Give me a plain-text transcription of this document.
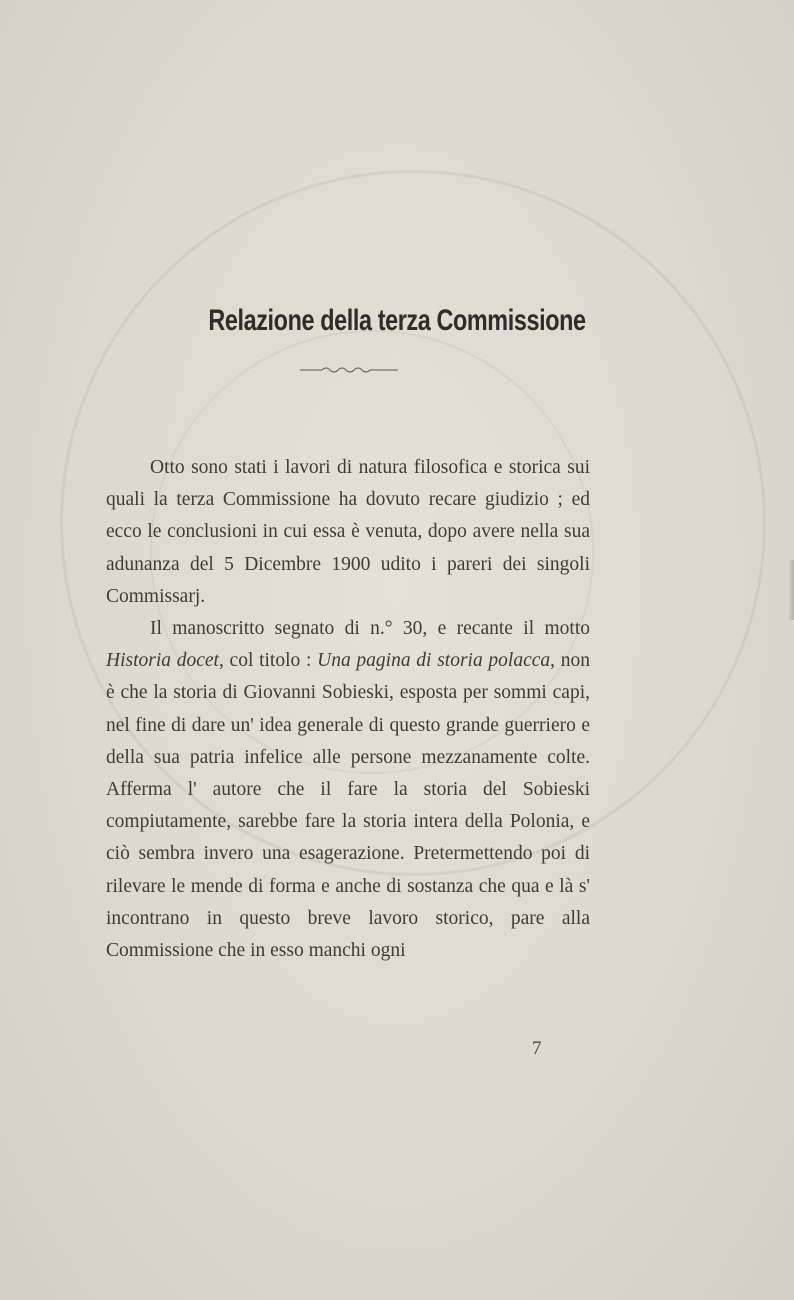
Relazione della terza Commissione

Otto sono stati i lavori di natura filosofica e storica sui quali la terza Commissione ha dovuto recare giudizio ; ed ecco le conclusioni in cui essa è venuta, dopo avere nella sua adunanza del 5 Dicembre 1900 udito i pareri dei singoli Commissarj.

Il manoscritto segnato di n.° 30, e recante il motto Historia docet, col titolo : Una pagina di storia polacca, non è che la storia di Giovanni Sobieski, esposta per sommi capi, nel fine di dare un' idea generale di questo grande guerriero e della sua patria infelice alle persone mezzanamente colte. Afferma l' autore che il fare la storia del Sobieski compiutamente, sarebbe fare la storia intera della Polonia, e ciò sembra invero una esagerazione. Pretermettendo poi di rilevare le mende di forma e anche di sostanza che qua e là s' incontrano in questo breve lavoro storico, pare alla Commissione che in esso manchi ogni

7
